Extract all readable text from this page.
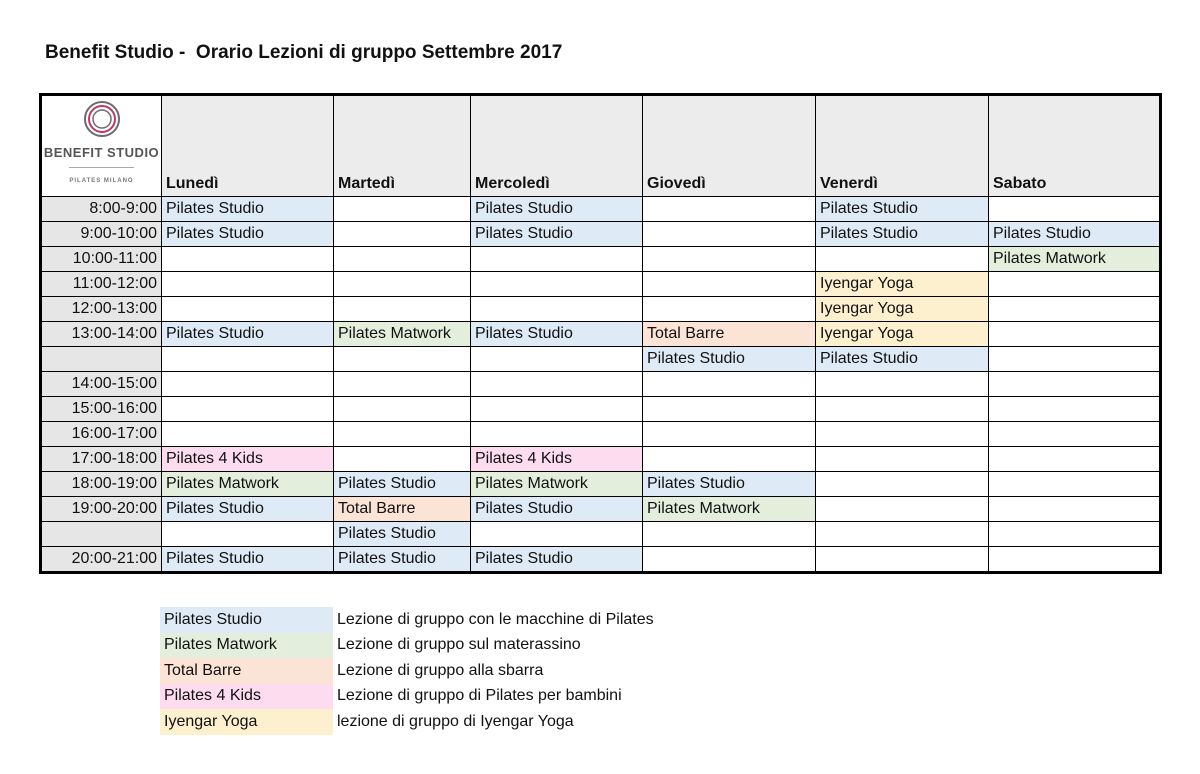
Benefit Studio -  Orario Lezioni di gruppo Settembre 2017
BENEFIT STUDIO
PILATES MILANO	Lunedì	Martedì	Mercoledì	Giovedì	Venerdì	Sabato
8:00-9:00	Pilates Studio		Pilates Studio		Pilates Studio	
9:00-10:00	Pilates Studio		Pilates Studio		Pilates Studio	Pilates Studio
10:00-11:00						Pilates Matwork
11:00-12:00					Iyengar Yoga	
12:00-13:00					Iyengar Yoga	
13:00-14:00	Pilates Studio	Pilates Matwork	Pilates Studio	Total Barre	Iyengar Yoga	
				Pilates Studio	Pilates Studio	
14:00-15:00						
15:00-16:00						
16:00-17:00						
17:00-18:00	Pilates 4 Kids		Pilates 4 Kids			
18:00-19:00	Pilates Matwork	Pilates Studio	Pilates Matwork	Pilates Studio		
19:00-20:00	Pilates Studio	Total Barre	Pilates Studio	Pilates Matwork		
		Pilates Studio				
20:00-21:00	Pilates Studio	Pilates Studio	Pilates Studio			
Pilates Studio	Lezione di gruppo con le macchine di Pilates
Pilates Matwork	Lezione di gruppo sul materassino
Total Barre	Lezione di gruppo alla sbarra
Pilates 4 Kids	Lezione di gruppo di Pilates per bambini
Iyengar Yoga	lezione di gruppo di Iyengar Yoga
